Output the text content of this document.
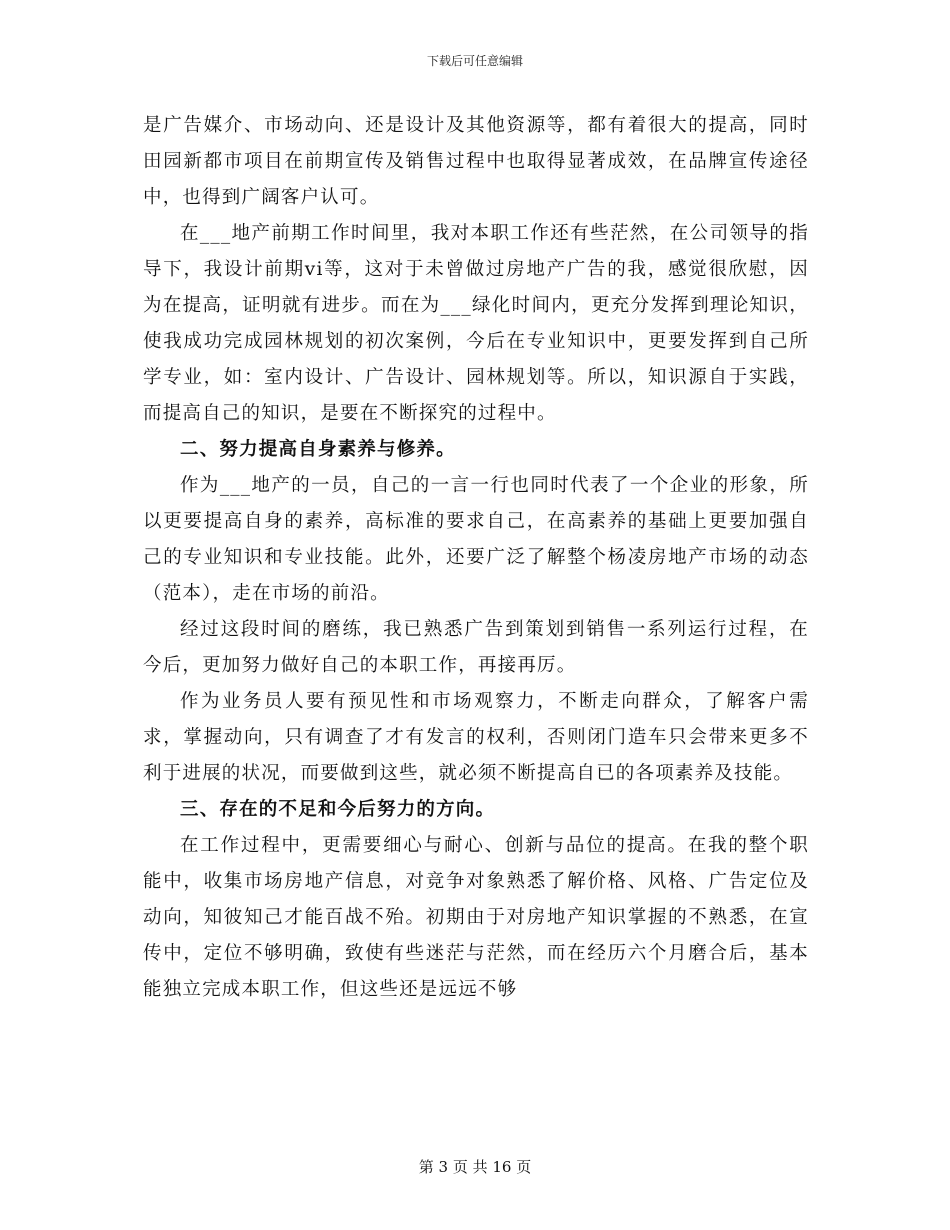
下载后可任意编辑

是广告媒介、市场动向、还是设计及其他资源等，都有着很大的提高，同时田园新都市项目在前期宣传及销售过程中也取得显著成效，在品牌宣传途径中，也得到广阔客户认可。

在___地产前期工作时间里，我对本职工作还有些茫然，在公司领导的指导下，我设计前期vi等，这对于未曾做过房地产广告的我，感觉很欣慰，因为在提高，证明就有进步。而在为___绿化时间内，更充分发挥到理论知识，使我成功完成园林规划的初次案例，今后在专业知识中，更要发挥到自己所学专业，如：室内设计、广告设计、园林规划等。所以，知识源自于实践，而提高自己的知识，是要在不断探究的过程中。

二、努力提高自身素养与修养。

作为___地产的一员，自己的一言一行也同时代表了一个企业的形象，所以更要提高自身的素养，高标准的要求自己，在高素养的基础上更要加强自己的专业知识和专业技能。此外，还要广泛了解整个杨凌房地产市场的动态（范本），走在市场的前沿。

经过这段时间的磨练，我已熟悉广告到策划到销售一系列运行过程，在今后，更加努力做好自己的本职工作，再接再厉。

作为业务员人要有预见性和市场观察力，不断走向群众，了解客户需求，掌握动向，只有调查了才有发言的权利，否则闭门造车只会带来更多不利于进展的状况，而要做到这些，就必须不断提高自已的各项素养及技能。

三、存在的不足和今后努力的方向。

在工作过程中，更需要细心与耐心、创新与品位的提高。在我的整个职能中，收集市场房地产信息，对竞争对象熟悉了解价格、风格、广告定位及动向，知彼知己才能百战不殆。初期由于对房地产知识掌握的不熟悉，在宣传中，定位不够明确，致使有些迷茫与茫然，而在经历六个月磨合后，基本能独立完成本职工作，但这些还是远远不够

第 3 页 共 16 页
